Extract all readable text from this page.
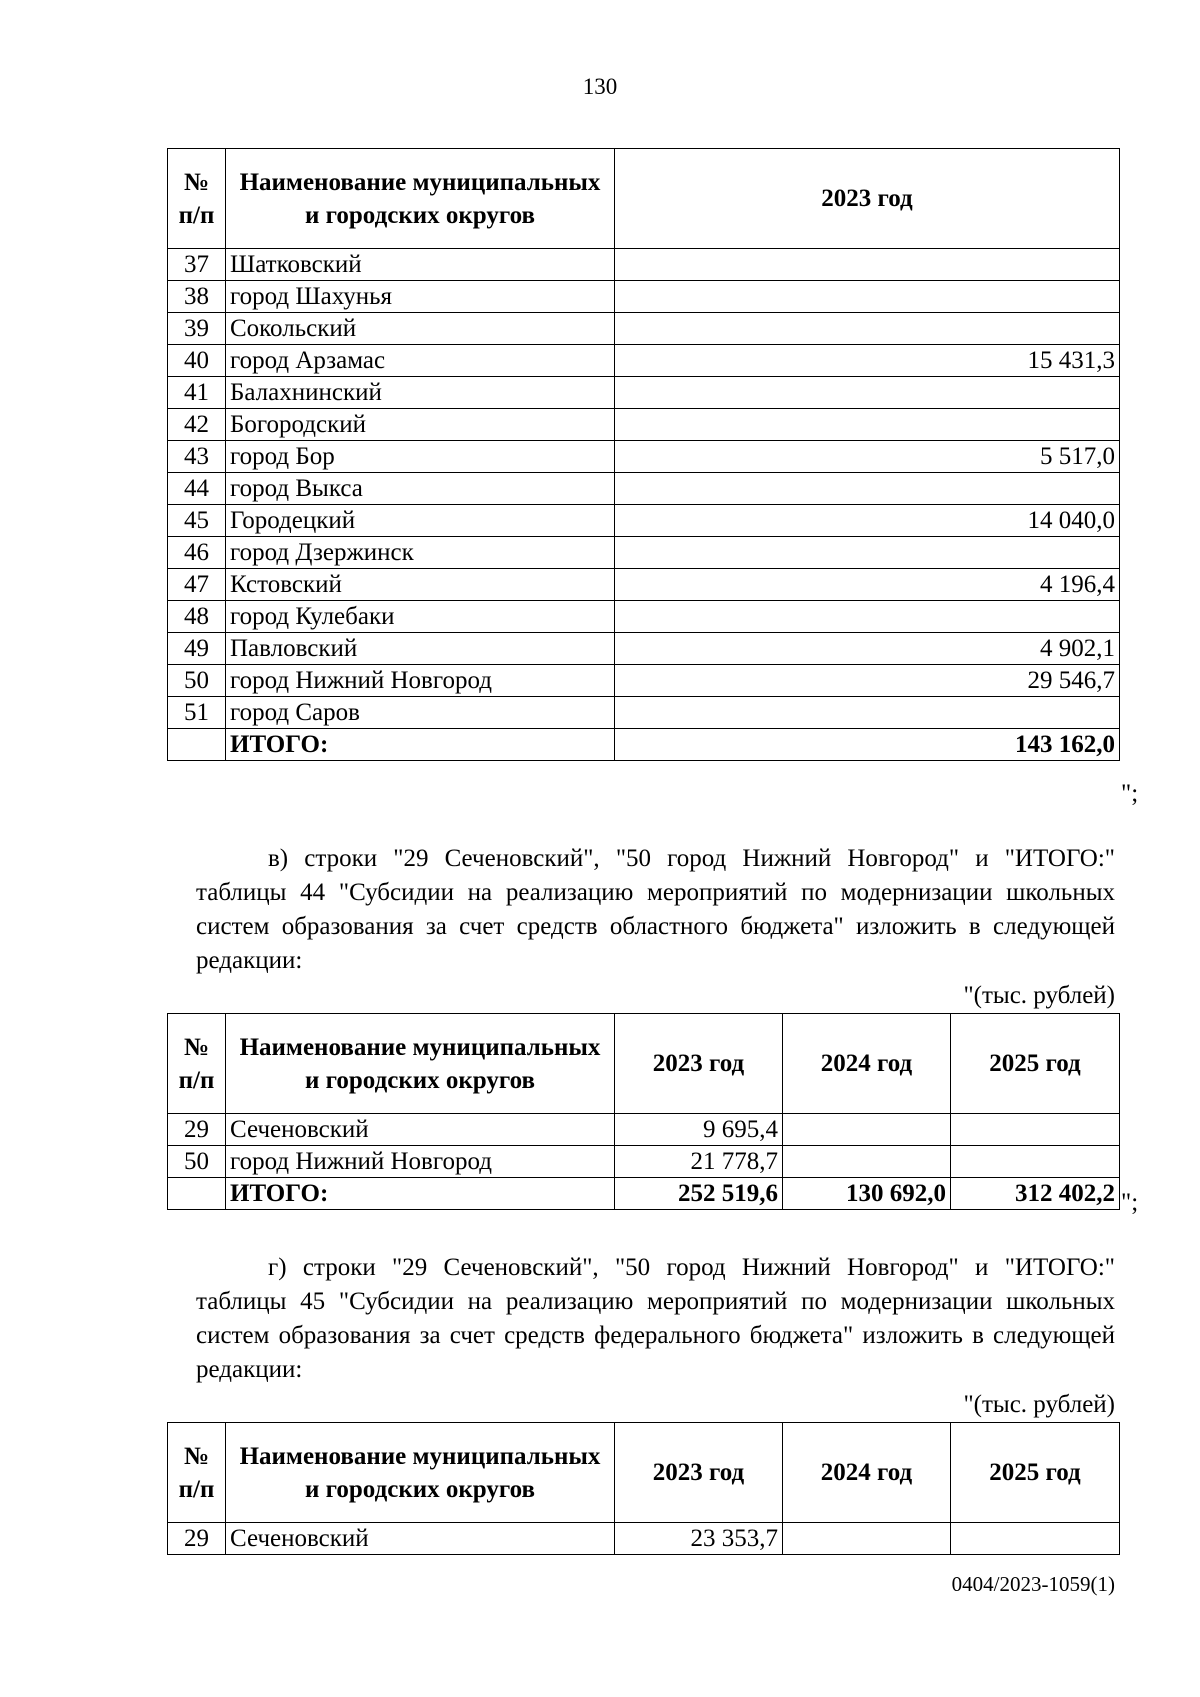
130
№ п/п	Наименование муниципальных и городских округов	2023 год
37	Шатковский	
38	город Шахунья	
39	Сокольский	
40	город Арзамас	15 431,3
41	Балахнинский	
42	Богородский	
43	город Бор	5 517,0
44	город Выкса	
45	Городецкий	14 040,0
46	город Дзержинск	
47	Кстовский	4 196,4
48	город Кулебаки	
49	Павловский	4 902,1
50	город Нижний Новгород	29 546,7
51	город Саров	
	ИТОГО:	143 162,0
";

в) строки "29 Сеченовский", "50 город Нижний Новгород" и "ИТОГО:" таблицы 44 "Субсидии на реализацию мероприятий по модернизации школьных систем образования за счет средств областного бюджета" изложить в следующей редакции:

"(тыс. рублей)
№ п/п	Наименование муниципальных и городских округов	2023 год	2024 год	2025 год
29	Сеченовский	9 695,4		
50	город Нижний Новгород	21 778,7		
	ИТОГО:	252 519,6	130 692,0	312 402,2 ";

г) строки "29 Сеченовский", "50 город Нижний Новгород" и "ИТОГО:" таблицы 45 "Субсидии на реализацию мероприятий по модернизации школьных систем образования за счет средств федерального бюджета" изложить в следующей редакции:

"(тыс. рублей)
№ п/п	Наименование муниципальных и городских округов	2023 год	2024 год	2025 год
29	Сеченовский	23 353,7		
0404/2023-1059(1)
